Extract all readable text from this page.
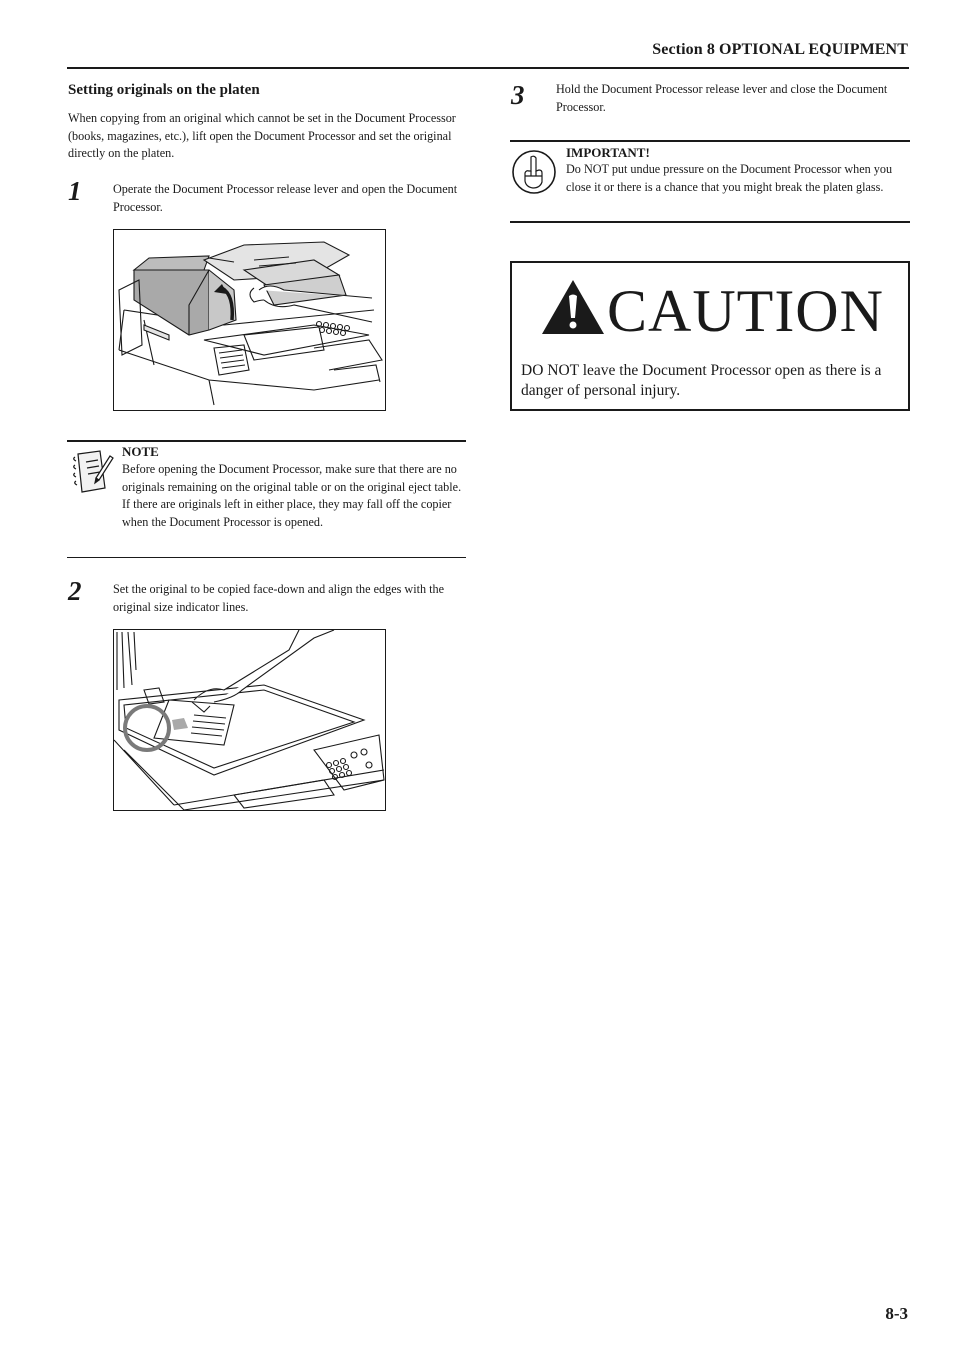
Section 8 OPTIONAL EQUIPMENT
Setting originals on the platen
When copying from an original which cannot be set in the Document Processor (books, magazines, etc.), lift open the Document Processor and set the original directly on the platen.
1	Operate the Document Processor release lever and open the Document Processor.
NOTE
Before opening the Document Processor, make sure that there are no originals remaining on the original table or on the original eject table. If there are originals left in either place, they may fall off the copier when the Document Processor is opened.
2	Set the original to be copied face-down and align the edges with the original size indicator lines.
3	Hold the Document Processor release lever and close the Document Processor.
IMPORTANT!
Do NOT put undue pressure on the Document Processor when you close it or there is a chance that you might break the platen glass.
CAUTION
DO NOT leave the Document Processor open as there is a danger of personal injury.
8-3
